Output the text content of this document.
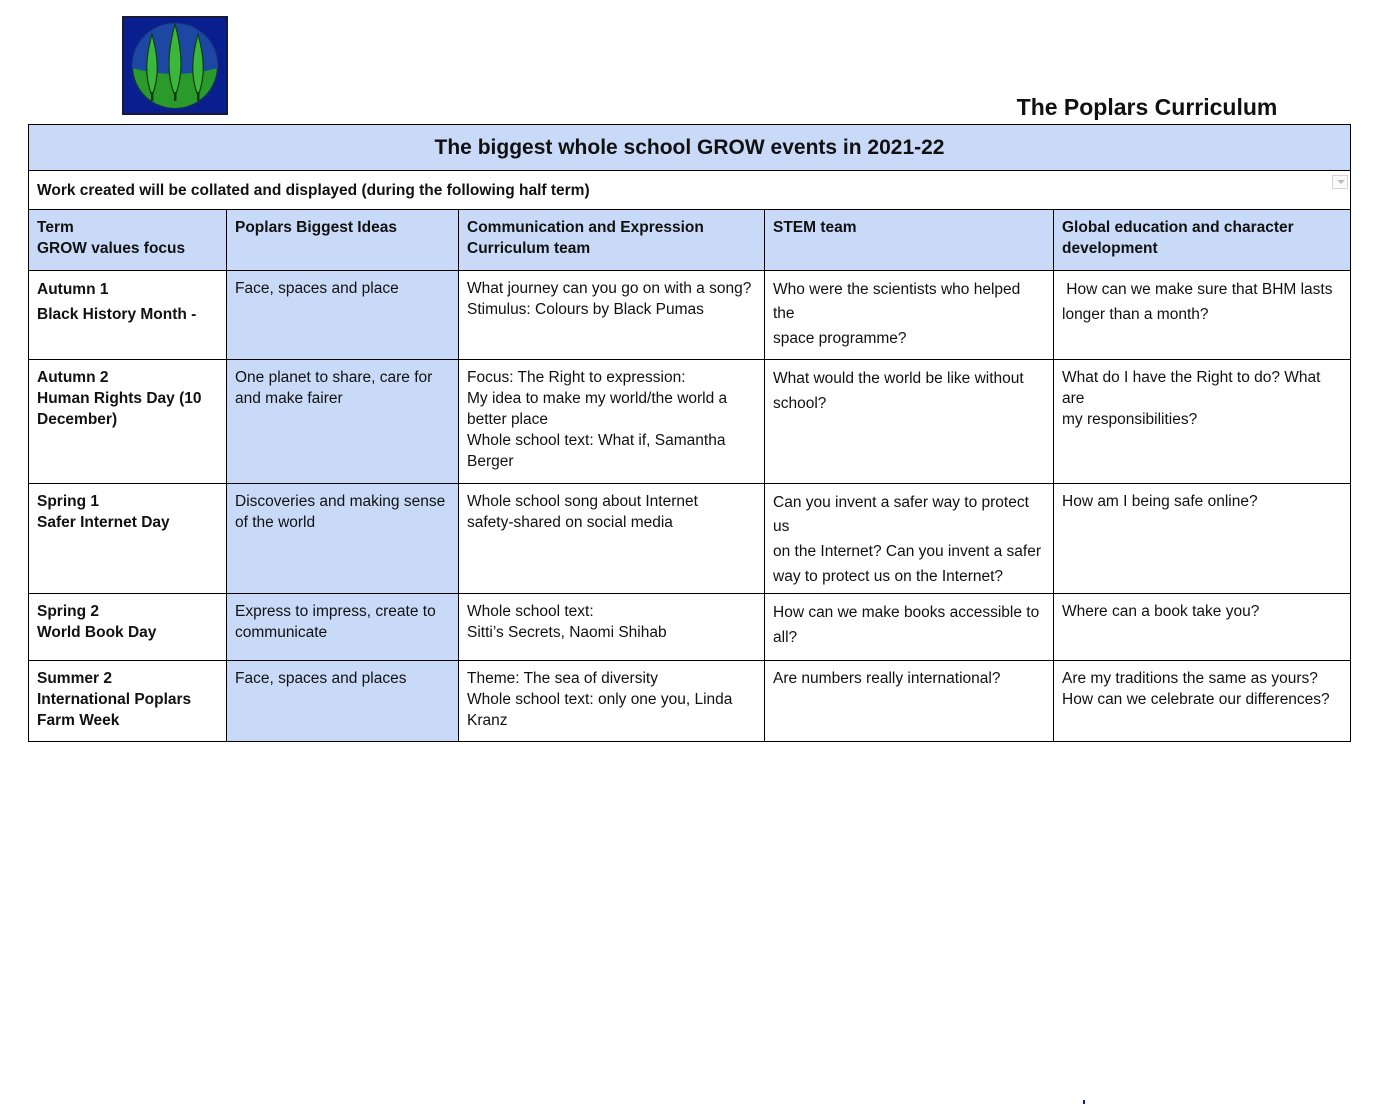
The Poplars Curriculum
The biggest whole school GROW events in 2021-22				
Work created will be collated and displayed (during the following half term)				

Term
GROW values focus	Poplars Biggest Ideas	Communication and Expression
Curriculum team	STEM team	Global education and character
development

Autumn 1
Black History Month -	Face, spaces and place	What journey can you go on with a song?
Stimulus: Colours by Black Pumas	Who were the scientists who helped the
space programme?	How can we make sure that BHM lasts
longer than a month?

Autumn 2
Human Rights Day (10
December)	One planet to share, care for
and make fairer	Focus: The Right to expression:
My idea to make my world/the world a
better place
Whole school text: What if, Samantha
Berger	What would the world be like without
school?	What do I have the Right to do? What are
my responsibilities?

Spring 1
Safer Internet Day	Discoveries and making sense
of the world	Whole school song about Internet
safety-shared on social media	Can you invent a safer way to protect us
on the Internet? Can you invent a safer
way to protect us on the Internet?	How am I being safe online?

Spring 2
World Book Day	Express to impress, create to
communicate	Whole school text:
Sitti’s Secrets, Naomi Shihab	How can we make books accessible to
all?	Where can a book take you?

Summer 2
International Poplars
Farm Week	Face, spaces and places	Theme: The sea of diversity
Whole school text: only one you, Linda
Kranz	Are numbers really international?	Are my traditions the same as yours?
How can we celebrate our differences?
